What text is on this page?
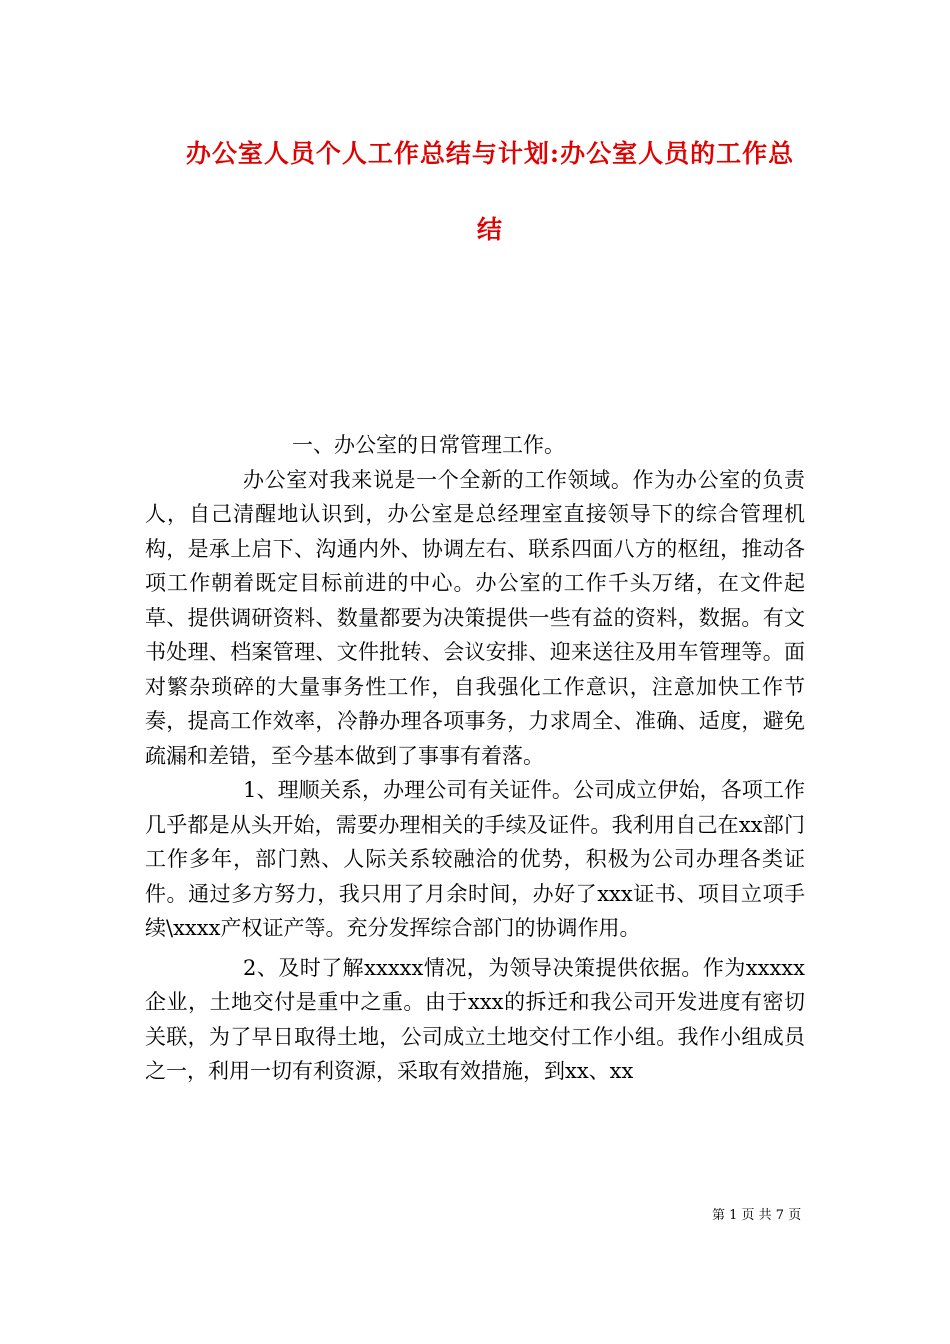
办公室人员个人工作总结与计划:办公室人员的工作总
结

一、办公室的日常管理工作。

办公室对我来说是一个全新的工作领域。作为办公室的负责人，自己清醒地认识到，办公室是总经理室直接领导下的综合管理机构，是承上启下、沟通内外、协调左右、联系四面八方的枢纽，推动各项工作朝着既定目标前进的中心。办公室的工作千头万绪，在文件起草、提供调研资料、数量都要为决策提供一些有益的资料，数据。有文书处理、档案管理、文件批转、会议安排、迎来送往及用车管理等。面对繁杂琐碎的大量事务性工作，自我强化工作意识，注意加快工作节奏，提高工作效率，冷静办理各项事务，力求周全、准确、适度，避免疏漏和差错，至今基本做到了事事有着落。

1、理顺关系，办理公司有关证件。公司成立伊始，各项工作几乎都是从头开始，需要办理相关的手续及证件。我利用自己在xx部门工作多年，部门熟、人际关系较融洽的优势，积极为公司办理各类证件。通过多方努力，我只用了月余时间，办好了xxx证书、项目立项手续\xxxx产权证产等。充分发挥综合部门的协调作用。

2、及时了解xxxxx情况，为领导决策提供依据。作为xxxxx企业，土地交付是重中之重。由于xxx的拆迁和我公司开发进度有密切关联，为了早日取得土地，公司成立土地交付工作小组。我作小组成员之一，利用一切有利资源，采取有效措施，到xx、xx

第 1 页 共 7 页
